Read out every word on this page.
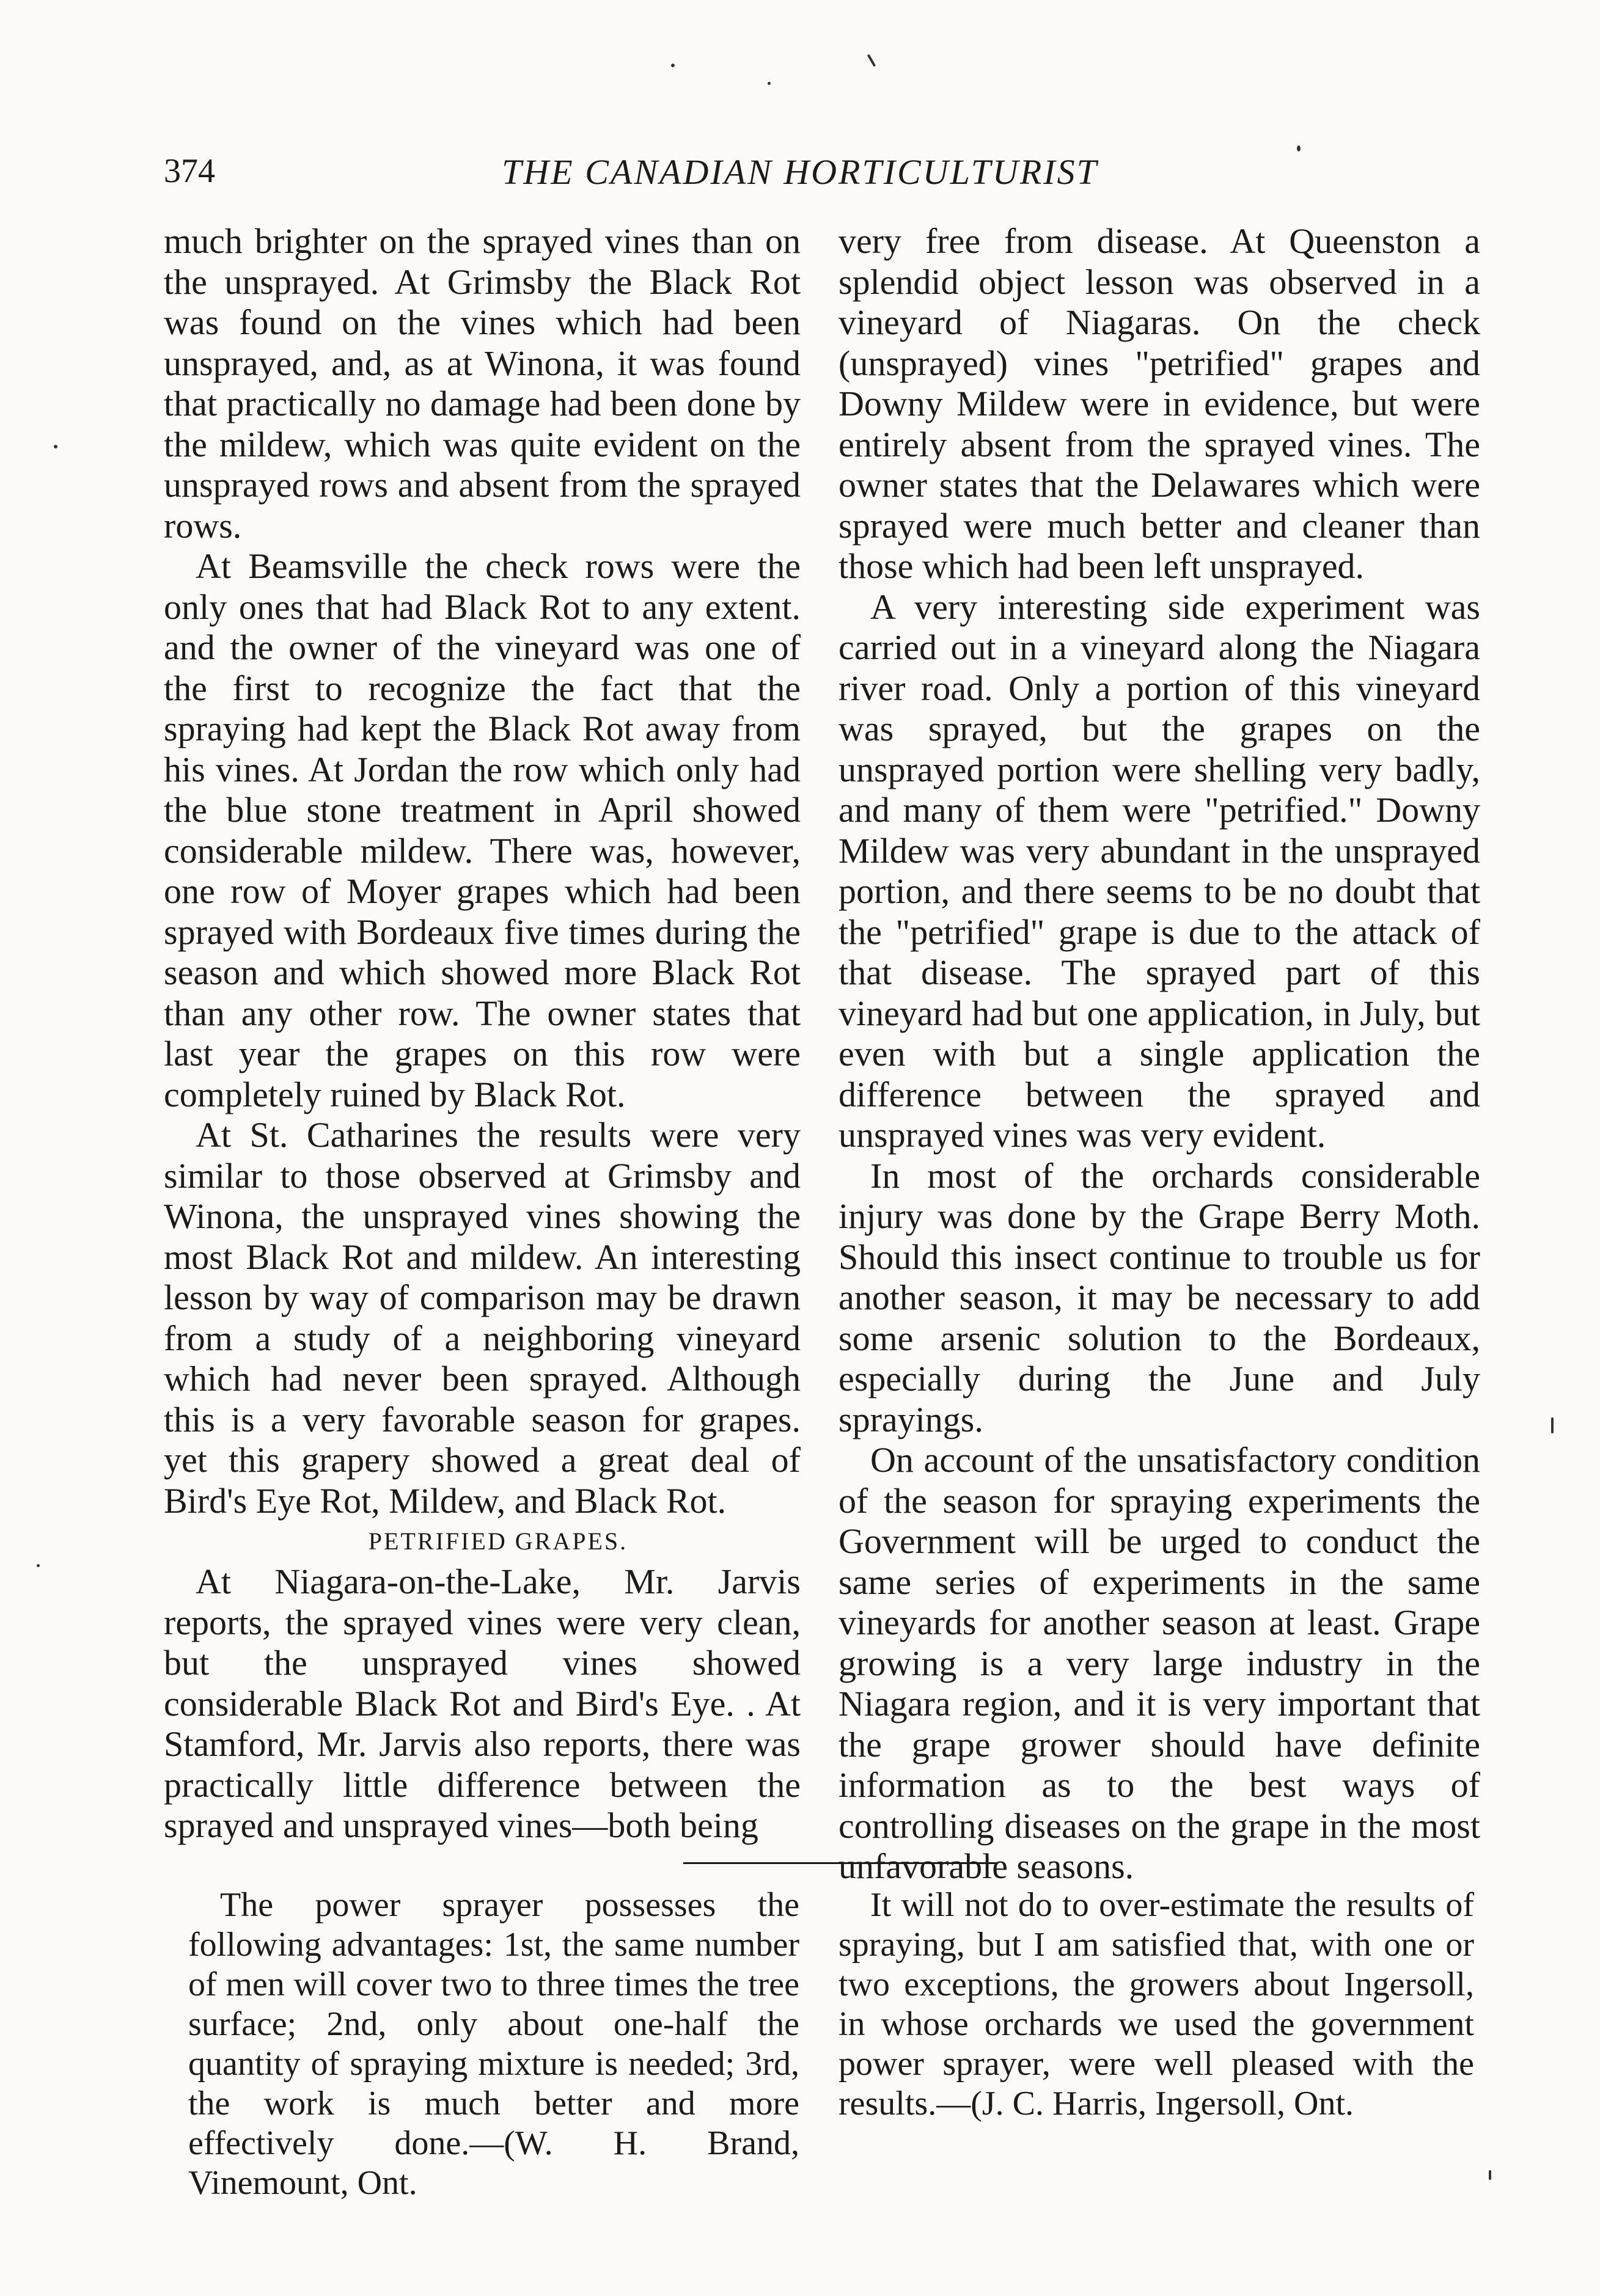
374	THE CANADIAN HORTICULTURIST

much brighter on the sprayed vines than on the unsprayed. At Grimsby the Black Rot was found on the vines which had been unsprayed, and, as at Winona, it was found that practically no damage had been done by the mildew, which was quite evident on the unsprayed rows and absent from the sprayed rows.

At Beamsville the check rows were the only ones that had Black Rot to any extent. and the owner of the vineyard was one of the first to recognize the fact that the spraying had kept the Black Rot away from his vines. At Jordan the row which only had the blue stone treatment in April showed considerable mildew. There was, however, one row of Moyer grapes which had been sprayed with Bordeaux five times during the season and which showed more Black Rot than any other row. The owner states that last year the grapes on this row were completely ruined by Black Rot.

At St. Catharines the results were very similar to those observed at Grimsby and Winona, the unsprayed vines showing the most Black Rot and mildew. An interesting lesson by way of comparison may be drawn from a study of a neighboring vineyard which had never been sprayed. Although this is a very favorable season for grapes. yet this grapery showed a great deal of Bird's Eye Rot, Mildew, and Black Rot.

PETRIFIED GRAPES.

At Niagara-on-the-Lake, Mr. Jarvis reports, the sprayed vines were very clean, but the unsprayed vines showed considerable Black Rot and Bird's Eye. . At Stamford, Mr. Jarvis also reports, there was practically little difference between the sprayed and unsprayed vines—both being

very free from disease. At Queenston a splendid object lesson was observed in a vineyard of Niagaras. On the check (unsprayed) vines "petrified" grapes and Downy Mildew were in evidence, but were entirely absent from the sprayed vines. The owner states that the Delawares which were sprayed were much better and cleaner than those which had been left unsprayed.

A very interesting side experiment was carried out in a vineyard along the Niagara river road. Only a portion of this vineyard was sprayed, but the grapes on the unsprayed portion were shelling very badly, and many of them were "petrified." Downy Mildew was very abundant in the unsprayed portion, and there seems to be no doubt that the "petrified" grape is due to the attack of that disease. The sprayed part of this vineyard had but one application, in July, but even with but a single application the difference between the sprayed and unsprayed vines was very evident.

In most of the orchards considerable injury was done by the Grape Berry Moth. Should this insect continue to trouble us for another season, it may be necessary to add some arsenic solution to the Bordeaux, especially during the June and July sprayings.

On account of the unsatisfactory condition of the season for spraying experiments the Government will be urged to conduct the same series of experiments in the same vineyards for another season at least. Grape growing is a very large industry in the Niagara region, and it is very important that the grape grower should have definite information as to the best ways of controlling diseases on the grape in the most unfavorable seasons.

The power sprayer possesses the following advantages: 1st, the same number of men will cover two to three times the tree surface; 2nd, only about one-half the quantity of spraying mixture is needed; 3rd, the work is much better and more effectively done.—(W. H. Brand, Vinemount, Ont.

It will not do to over-estimate the results of spraying, but I am satisfied that, with one or two exceptions, the growers about Ingersoll, in whose orchards we used the government power sprayer, were well pleased with the results.—(J. C. Harris, Ingersoll, Ont.
